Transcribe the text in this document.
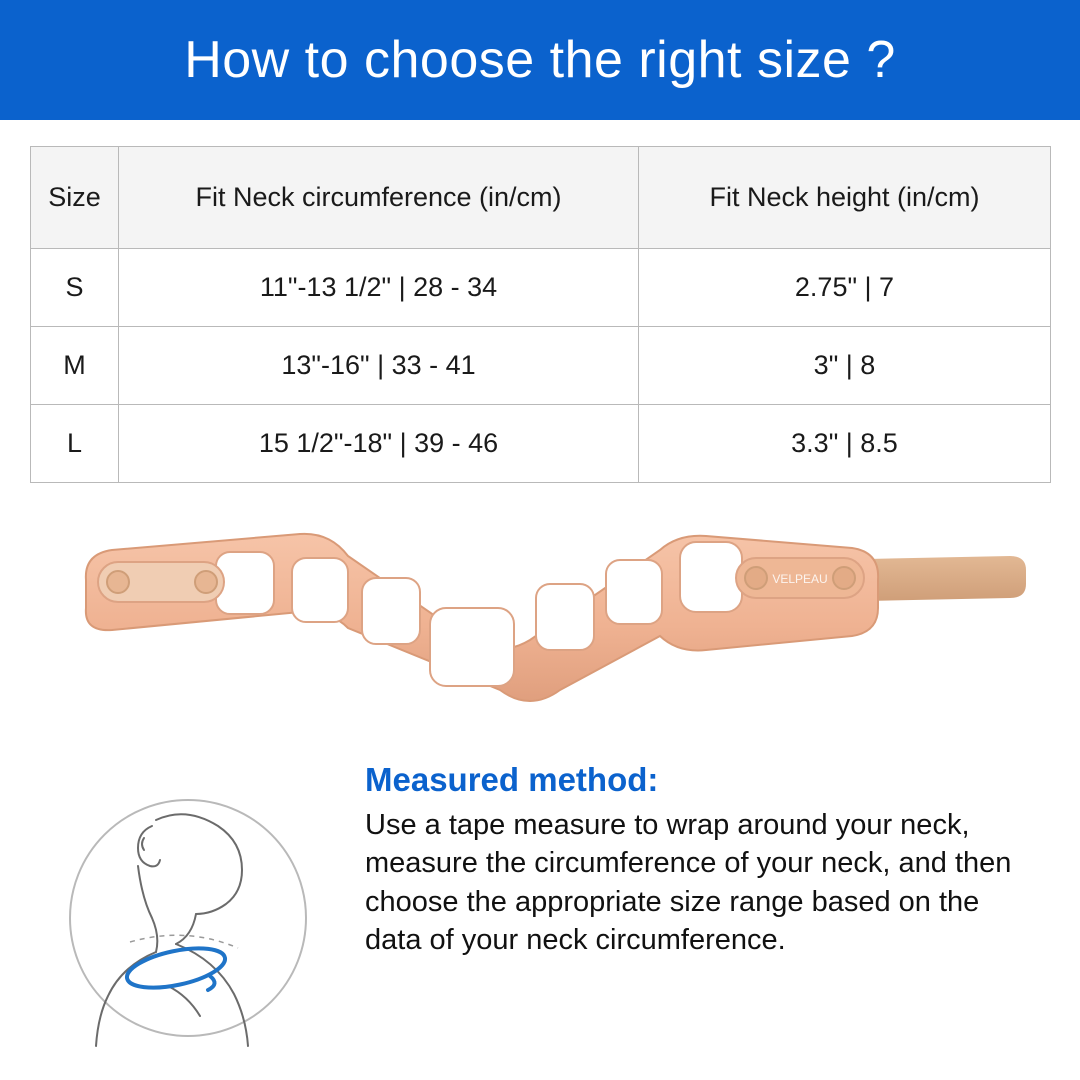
How to choose the right size ?
Size	Fit Neck circumference (in/cm)	Fit Neck height (in/cm)
S	11"-13 1/2" | 28 - 34	2.75" | 7
M	13"-16" | 33 - 41	3" | 8
L	15 1/2"-18" | 39 - 46	3.3" | 8.5
VELPEAU

Measured method:

Use a tape measure to wrap around your neck, measure the circumference of your neck, and then choose the appropriate size range based on the data of your neck circumference.
